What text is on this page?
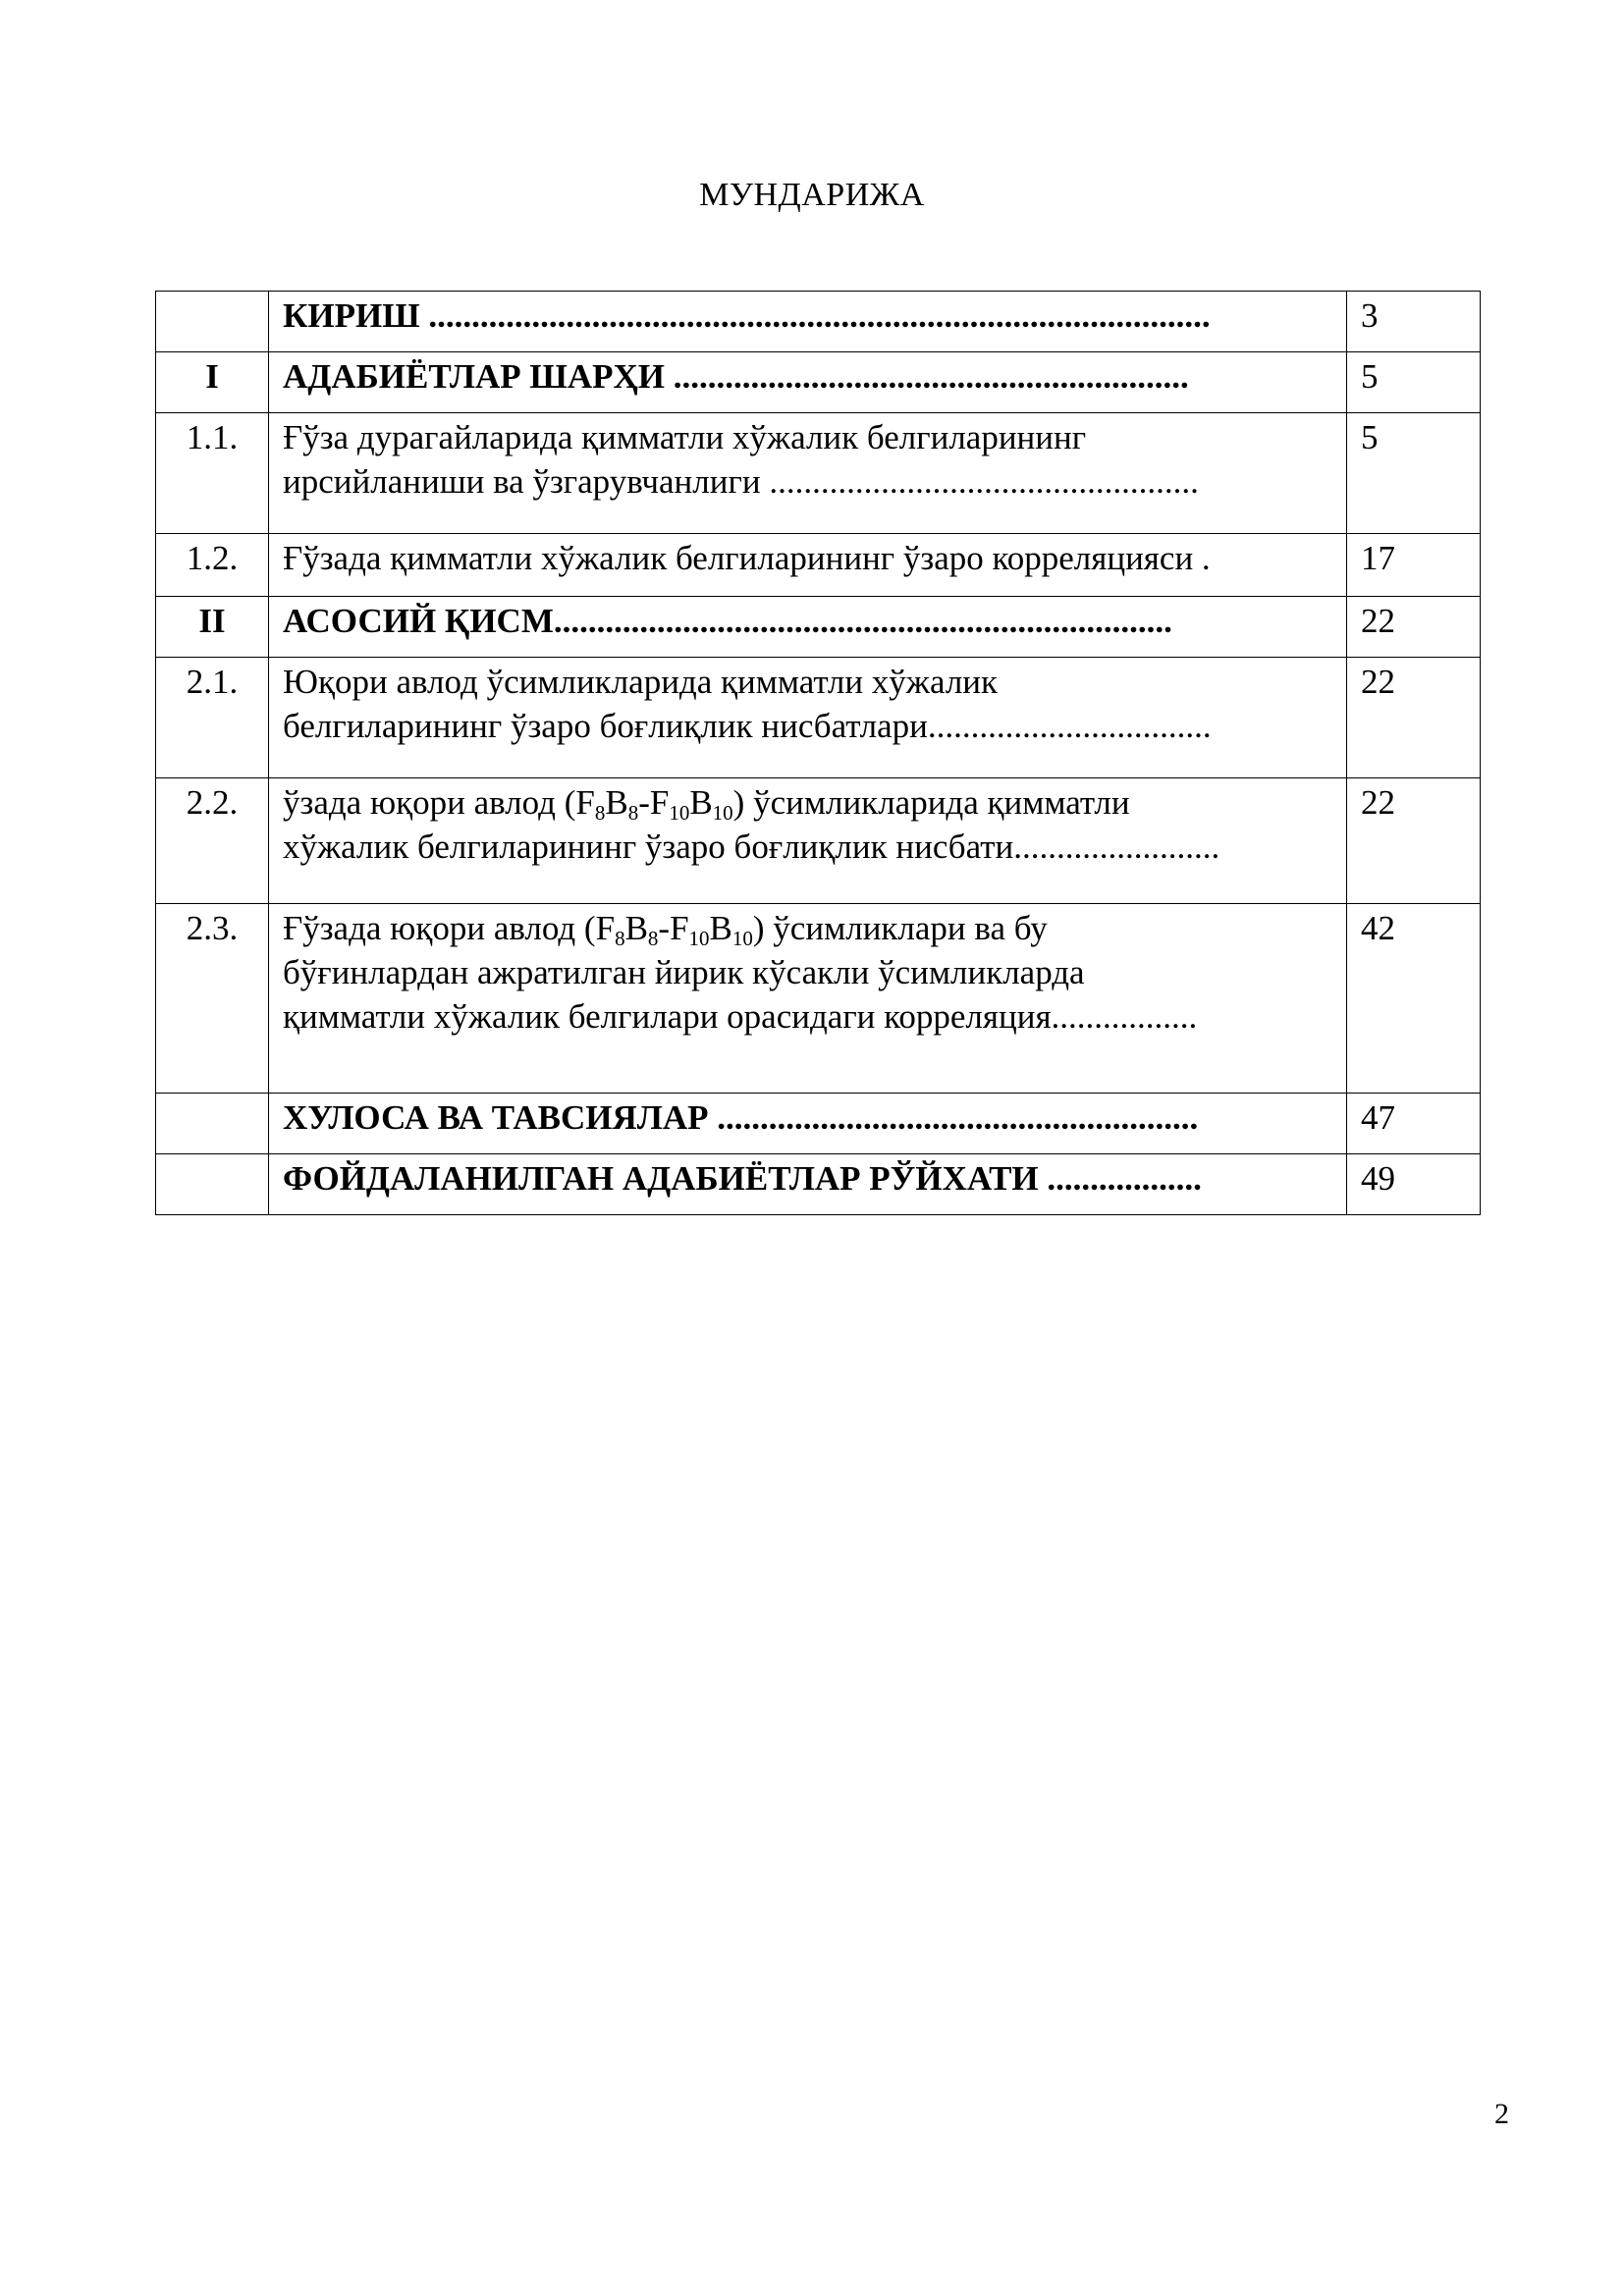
МУНДАРИЖА
	КИРИШ ...........................................................................................	3
I	АДАБИЁТЛАР ШАРҲИ ............................................................	5
1.1.	Ғўза дурагайларида қимматли хўжалик белгиларининг
ирсийланиши ва ўзгарувчанлиги ..................................................	5
1.2.	Ғўзада қимматли хўжалик белгиларининг ўзаро корреляцияси .	17
II	АСОСИЙ ҚИСМ........................................................................	22
2.1.	Юқори авлод ўсимликларида қимматли хўжалик
белгиларининг ўзаро боғлиқлик нисбатлари.................................	22
2.2.	ўзада юқори авлод $(F_8B_8-F_{10}B_{10})$ ўсимликларида қимматли
хўжалик белгиларининг ўзаро боғлиқлик нисбати........................	22
2.3.	Ғўзада юқори авлод $(F_8B_8-F_{10}B_{10})$ ўсимликлари ва бу
бўғинлардан ажратилган йирик кўсакли ўсимликларда
қимматли хўжалик белгилари орасидаги корреляция.................	42
	ХУЛОСА ВА ТАВСИЯЛАР ........................................................	47
	ФОЙДАЛАНИЛГАН АДАБИЁТЛАР РЎЙХАТИ ..................	49
2
